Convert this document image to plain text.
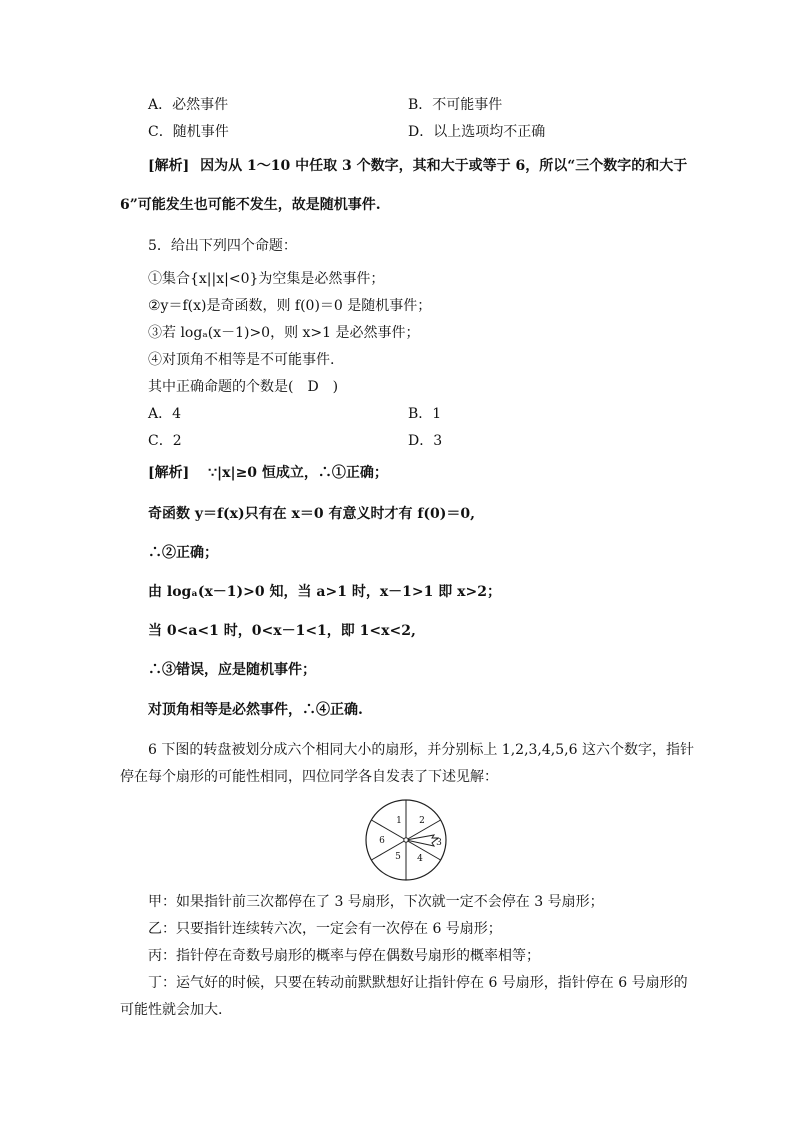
A．必然事件	B．不可能事件
C．随机事件	D．以上选项均不正确
[解析] 因为从 1～10 中任取 3 个数字，其和大于或等于 6，所以“三个数字的和大于
6”可能发生也可能不发生，故是随机事件.
5．给出下列四个命题：
①集合{x||x|<0}为空集是必然事件；
②y＝f(x)是奇函数，则 f(0)＝0 是随机事件；
③若 logₐ(x－1)>0，则 x>1 是必然事件；
④对顶角不相等是不可能事件.
其中正确命题的个数是(　D　)
A．4	B．1
C．2	D．3
[解析] ∵|x|≥0 恒成立，∴①正确；
奇函数 y＝f(x)只有在 x＝0 有意义时才有 f(0)＝0,
∴②正确；
由 logₐ(x－1)>0 知，当 a>1 时，x－1>1 即 x>2；
当 0<a<1 时，0<x－1<1，即 1<x<2,
∴③错误，应是随机事件；
对顶角相等是必然事件，∴④正确.
6 下图的转盘被划分成六个相同大小的扇形，并分别标上 1,2,3,4,5,6 这六个数字，指针
停在每个扇形的可能性相同，四位同学各自发表了下述见解：
1 2
3
4
5
6
甲：如果指针前三次都停在了 3 号扇形，下次就一定不会停在 3 号扇形；
乙：只要指针连续转六次，一定会有一次停在 6 号扇形；
丙：指针停在奇数号扇形的概率与停在偶数号扇形的概率相等；
丁：运气好的时候，只要在转动前默默想好让指针停在 6 号扇形，指针停在 6 号扇形的
可能性就会加大.
